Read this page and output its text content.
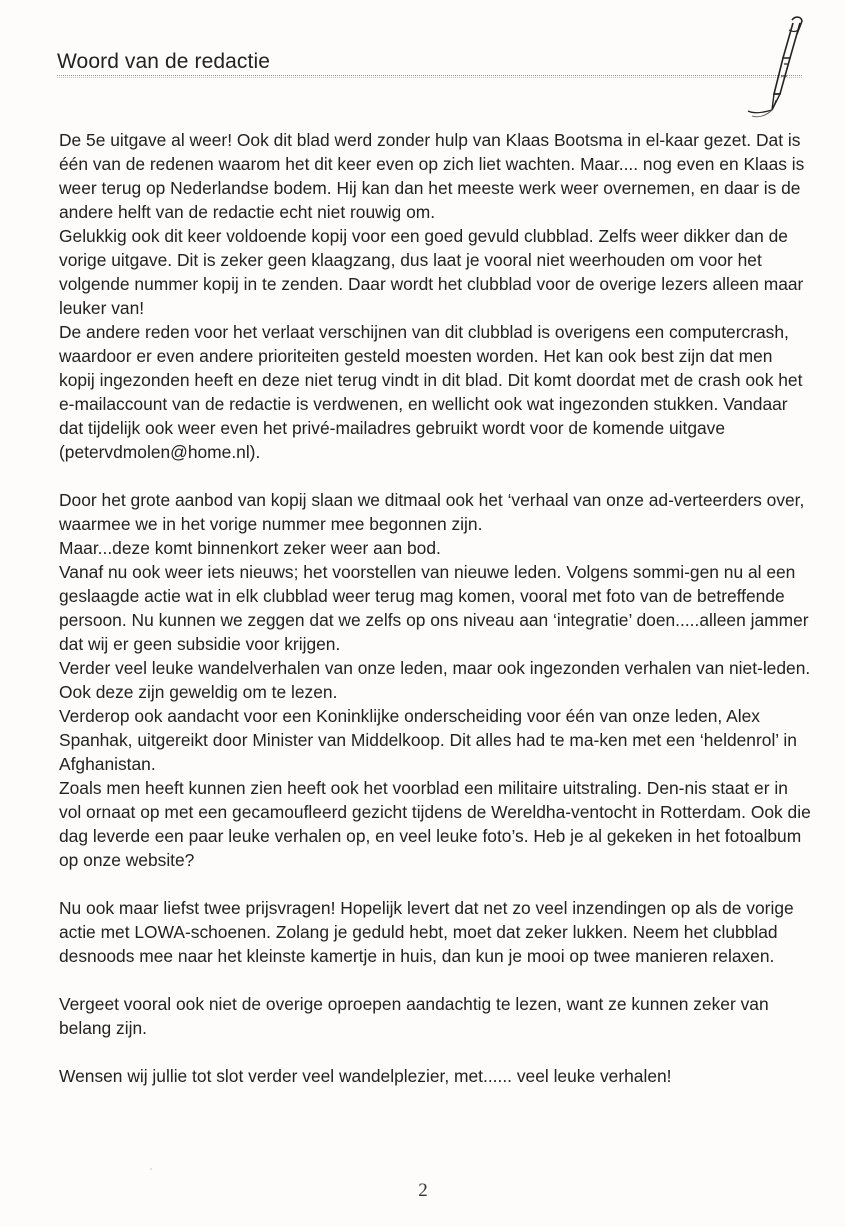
Woord van de redactie

De 5e uitgave al weer! Ook dit blad werd zonder hulp van Klaas Bootsma in el-kaar gezet. Dat is één van de redenen waarom het dit keer even op zich liet wachten. Maar.... nog even en Klaas is weer terug op Nederlandse bodem. Hij kan dan het meeste werk weer overnemen, en daar is de andere helft van de redactie echt niet rouwig om.

Gelukkig ook dit keer voldoende kopij voor een goed gevuld clubblad. Zelfs weer dikker dan de vorige uitgave. Dit is zeker geen klaagzang, dus laat je vooral niet weerhouden om voor het volgende nummer kopij in te zenden. Daar wordt het clubblad voor de overige lezers alleen maar leuker van!

De andere reden voor het verlaat verschijnen van dit clubblad is overigens een computercrash, waardoor er even andere prioriteiten gesteld moesten worden. Het kan ook best zijn dat men kopij ingezonden heeft en deze niet terug vindt in dit blad. Dit komt doordat met de crash ook het e-mailaccount van de redactie is verdwenen, en wellicht ook wat ingezonden stukken. Vandaar dat tijdelijk ook weer even het privé-mailadres gebruikt wordt voor de komende uitgave (petervdmolen@home.nl).

Door het grote aanbod van kopij slaan we ditmaal ook het ‘verhaal van onze ad-verteerders over, waarmee we in het vorige nummer mee begonnen zijn.

Maar...deze komt binnenkort zeker weer aan bod.

Vanaf nu ook weer iets nieuws; het voorstellen van nieuwe leden. Volgens sommi-gen nu al een geslaagde actie wat in elk clubblad weer terug mag komen, vooral met foto van de betreffende persoon. Nu kunnen we zeggen dat we zelfs op ons niveau aan ‘integratie’ doen.....alleen jammer dat wij er geen subsidie voor krijgen.

Verder veel leuke wandelverhalen van onze leden, maar ook ingezonden verhalen van niet-leden. Ook deze zijn geweldig om te lezen.

Verderop ook aandacht voor een Koninklijke onderscheiding voor één van onze leden, Alex Spanhak, uitgereikt door Minister van Middelkoop. Dit alles had te ma-ken met een ‘heldenrol’ in Afghanistan.

Zoals men heeft kunnen zien heeft ook het voorblad een militaire uitstraling. Den-nis staat er in vol ornaat op met een gecamoufleerd gezicht tijdens de Wereldha-ventocht in Rotterdam. Ook die dag leverde een paar leuke verhalen op, en veel leuke foto’s. Heb je al gekeken in het fotoalbum op onze website?

Nu ook maar liefst twee prijsvragen! Hopelijk levert dat net zo veel inzendingen op als de vorige actie met LOWA-schoenen. Zolang je geduld hebt, moet dat zeker lukken. Neem het clubblad desnoods mee naar het kleinste kamertje in huis, dan kun je mooi op twee manieren relaxen.

Vergeet vooral ook niet de overige oproepen aandachtig te lezen, want ze kunnen zeker van belang zijn.

Wensen wij jullie tot slot verder veel wandelplezier, met...... veel leuke verhalen!

2
